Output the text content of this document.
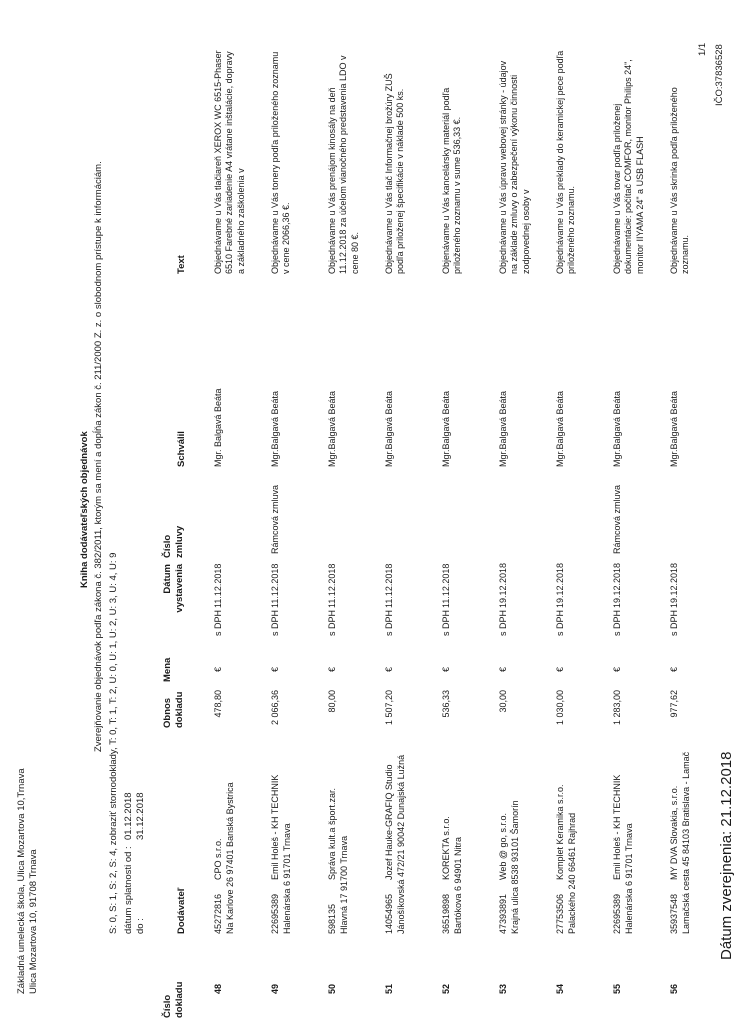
Základná umelecká škola, Ulica Mozartova 10,Trnava Ulica Mozartova 10, 91708 Trnava
IČO:37836528
1/1
Kniha dodávateľských objednávok Zverejňovanie objednávok podľa zákona č. 382/2011, ktorým sa mení a dopĺňa zákon č. 211/2000 Z. z. o slobodnom prístupe k informáciám. S: 0, S: 1, S: 2, S: 4, zobraziť stornodoklady, T: 0, T: 1, T: 2, U: 0, U: 1, U: 2, U: 3, U: 4, U: 9 dátum splatnosti od :
01.12.2018
do :
31.12.2018
Číslo dokladu
Dodávateľ
Obnos dokladu
Mena
Dátum vystavenia
Číslo zmluvy
Schválil
Text
48
45272816
CPO s.r.o. Na Karlove 26 97401 Banská Bystrica
478,80
€
s DPH
11.12.2018
Mgr. Balgavá Beáta
Objednávame u Vás tlačiareň XEROX WC 6515-Phaser 6510 Farebné zariadenie A4 vrátane inštalácie, dopravy a základného zaškolenia v
49
22695389
Emil Holeš - KH TECHNIK Halenárska 6 91701 Trnava
2 066,36
€
s DPH
11.12.2018
Rámcová zmluva
Mgr.Balgavá Beáta
Objednávame u Vás tonery podľa priloženého zoznamu v cene 2066,36 €.
50
598135
Správa kult.a šport.zar.
Hlavná 17 91700 Trnava
80,00
€
s DPH
11.12.2018
Mgr.Balgavá Beáta
Objednávame u Vás prenájom kinosály na deň 11.12.2018 za účelom vianočného predstavenia LDO v cene 80 €.
51
14054965
Jozef Hauke-GRAFIQ Studio Jánošíkovská 472/21 90042 Dunajská Lužná
1 507,20
€
s DPH
11.12.2018
Mgr.Balgavá Beáta
Objednávame u Vás tlač Informačnej brožúry ZUŠ podľa priloženej špecifikácie v náklade 500 ks.
52
36519898
KOREKTA s.r.o. Bartókova 6 94901 Nitra
536,33
€
s DPH
11.12.2018
Mgr.Balgavá Beáta
Objenávame u Vás kancelársky materiál podľa priloženého zoznamu v sume 536,33 €.
53
47393891
Web @ go, s.r.o. Krajná ulica 8538 93101 Šamorín
30,00
€
s DPH
19.12.2018
Mgr.Balgavá Beáta
Objednávame u Vás úpravu webovej stránky - údajov na základe zmluvy o zabezpečení výkonu činnosti zodpovednej osoby v
54
27753506
Komplet Keramika s.r.o. Palackého 240 66461 Rajhrad
1 030,00
€
s DPH
19.12.2018
Mgr.Balgavá Beáta
Objednávame u Vás preklady do keramickej pece podľa priloženého zoznamu.
55
22695389
Emil Holeš - KH TECHNIK Halenárska 6 91701 Trnava
1 283,00
€
s DPH
19.12.2018
Rámcová zmluva
Mgr.Balgavá Beáta
Objednávame u Vás tovar podľa priloženej dokumentácie: počítač COMFOR, monitor Philips 24", monitor IIYAMA 24" a USB FLASH
56
35937548
MY DVA Slovakia, s.r.o. Lamačská cesta 45 84103 Bratislava - Lamač
977,62
€
s DPH
19.12.2018
Mgr.Balgavá Beáta
Objednávame u Vás skrinka podľa priloženého zoznamu.
Dátum zverejnenia: 21.12.2018
